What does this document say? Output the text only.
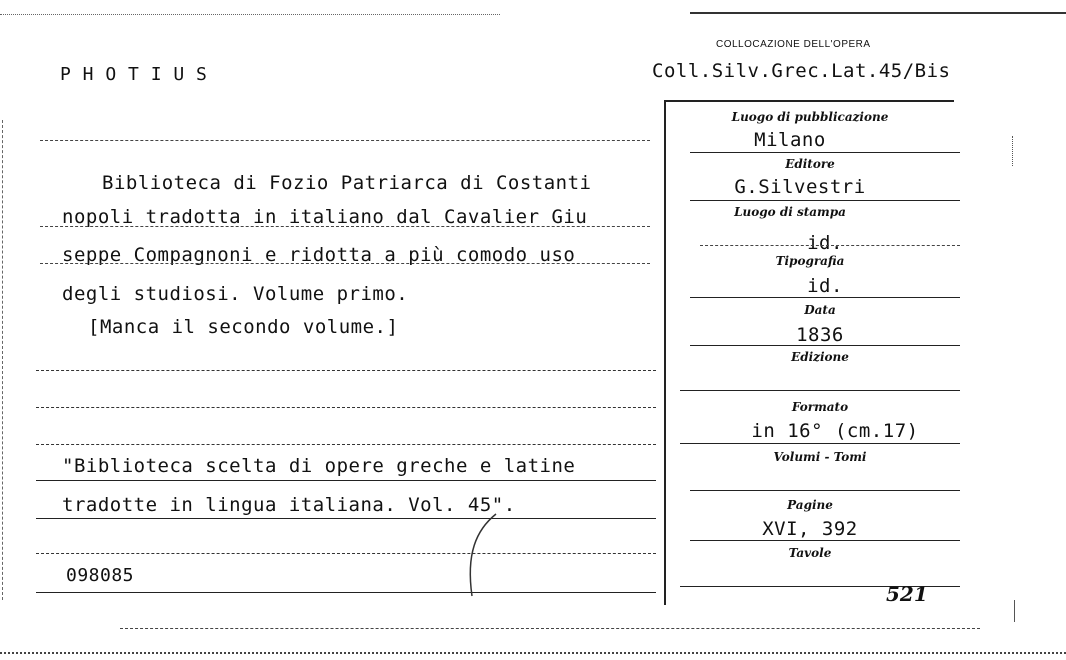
P H O T I U S
COLLOCAZIONE DELL'OPERA
Coll.Silv.Grec.Lat.45/Bis
Biblioteca di Fozio Patriarca di Costanti
nopoli tradotta in italiano dal Cavalier Giu
seppe Compagnoni e ridotta a più comodo uso
degli studiosi. Volume primo.
[Manca il secondo volume.]
"Biblioteca scelta di opere greche e latine
tradotte in lingua italiana. Vol. 45".
098085
Luogo di pubblicazione
Milano
Editore
G.Silvestri
Luogo di stampa
id.
Tipografia
id.
Data
1836
Edizione
Formato
in 16° (cm.17)
Volumi - Tomi
Pagine
XVI, 392
Tavole
521
